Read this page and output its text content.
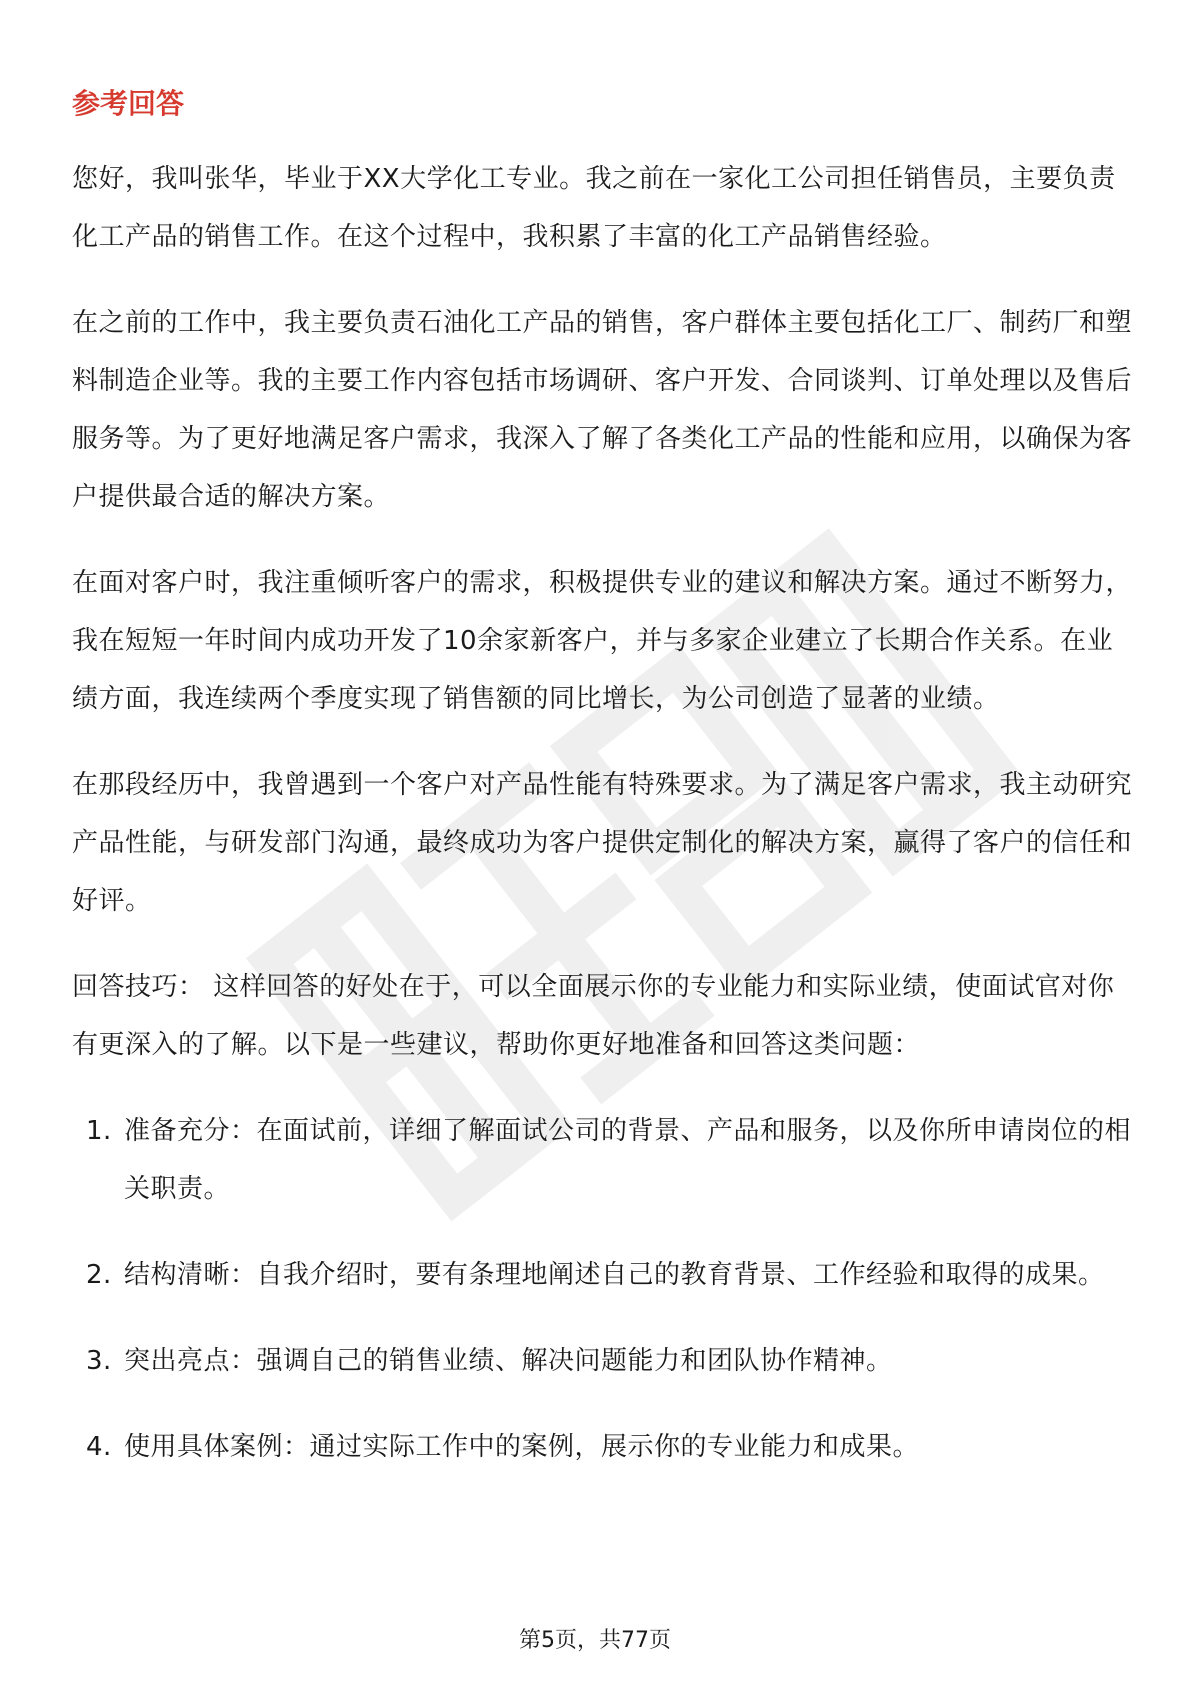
参考回答

您好，我叫张华，毕业于XX大学化工专业。我之前在一家化工公司担任销售员，主要负责化工产品的销售工作。在这个过程中，我积累了丰富的化工产品销售经验。

在之前的工作中，我主要负责石油化工产品的销售，客户群体主要包括化工厂、制药厂和塑料制造企业等。我的主要工作内容包括市场调研、客户开发、合同谈判、订单处理以及售后服务等。为了更好地满足客户需求，我深入了解了各类化工产品的性能和应用，以确保为客户提供最合适的解决方案。

在面对客户时，我注重倾听客户的需求，积极提供专业的建议和解决方案。通过不断努力，我在短短一年时间内成功开发了10余家新客户，并与多家企业建立了长期合作关系。在业绩方面，我连续两个季度实现了销售额的同比增长，为公司创造了显著的业绩。

在那段经历中，我曾遇到一个客户对产品性能有特殊要求。为了满足客户需求，我主动研究产品性能，与研发部门沟通，最终成功为客户提供定制化的解决方案，赢得了客户的信任和好评。

回答技巧： 这样回答的好处在于，可以全面展示你的专业能力和实际业绩，使面试官对你有更深入的了解。以下是一些建议，帮助你更好地准备和回答这类问题：

1. 准备充分：在面试前，详细了解面试公司的背景、产品和服务，以及你所申请岗位的相关职责。
2. 结构清晰：自我介绍时，要有条理地阐述自己的教育背景、工作经验和取得的成果。
3. 突出亮点：强调自己的销售业绩、解决问题能力和团队协作精神。
4. 使用具体案例：通过实际工作中的案例，展示你的专业能力和成果。
第5页，共77页
